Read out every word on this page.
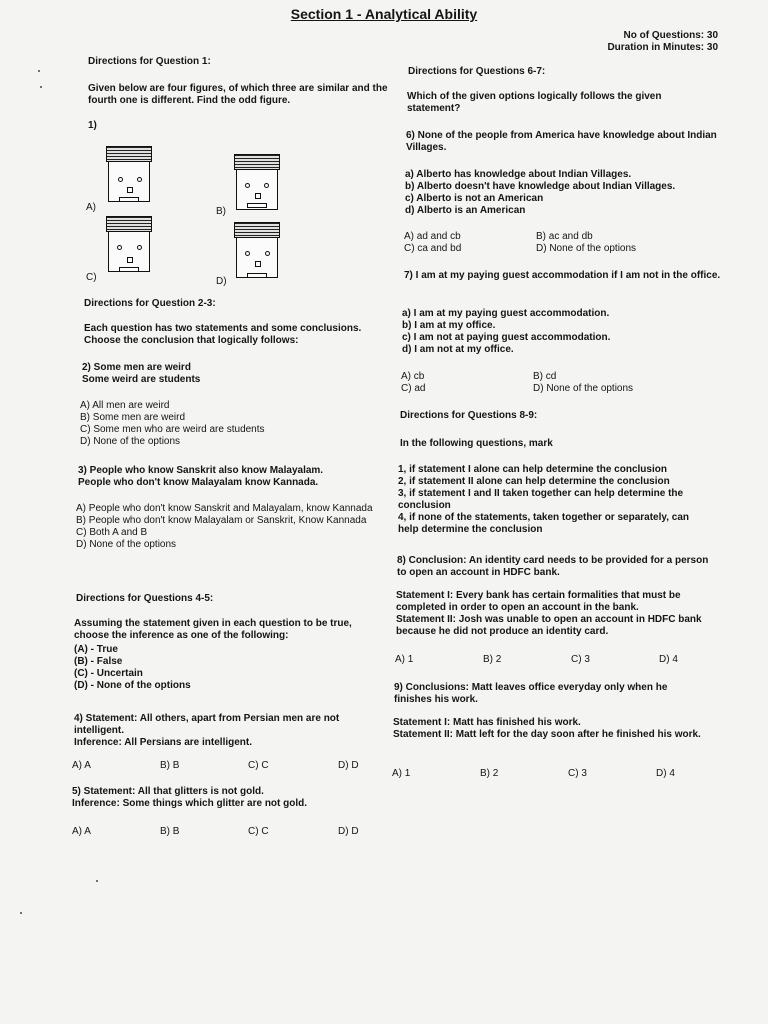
Section 1 - Analytical Ability
No of Questions: 30
Duration in Minutes: 30

Directions for Question 1:

Given below are four figures, of which three are similar and the fourth one is different. Find the odd figure.
1)
A)	B)
C)	D)
Directions for Question 2-3:
Each question has two statements and some conclusions. Choose the conclusion that logically follows:

2) Some men are weird

Some weird are students

A) All men are weird

B) Some men are weird

C) Some men who are weird are students

D) None of the options

3) People who know Sanskrit also know Malayalam.

People who don't know Malayalam know Kannada.

A) People who don't know Sanskrit and Malayalam, know Kannada

B) People who don't know Malayalam or Sanskrit, Know Kannada

C) Both A and B

D) None of the options

Directions for Questions 4-5:
Assuming the statement given in each question to be true, choose the inference as one of the following:

(A) - True

(B) - False

(C) - Uncertain

(D) - None of the options

4) Statement: All others, apart from Persian men are not intelligent.

Inference: All Persians are intelligent.

A) A	B) B	C) C	D) D

5) Statement: All that glitters is not gold.

Inference: Some things which glitter are not gold.

A) A	B) B	C) C	D) D
Directions for Questions 6-7:
Which of the given options logically follows the given statement?
6) None of the people from America have knowledge about Indian Villages.

a) Alberto has knowledge about Indian Villages.

b) Alberto doesn't have knowledge about Indian Villages.

c) Alberto is not an American

d) Alberto is an American

A) ad and cb	B) ac and db
C) ca and bd	D) None of the options
7) I am at my paying guest accommodation if I am not in the office.

a) I am at my paying guest accommodation.

b) I am at my office.

c) I am not at paying guest accommodation.

d) I am not at my office.

A) cb	B) cd
C) ad	D) None of the options
Directions for Questions 8-9:
In the following questions, mark

1, if statement I alone can help determine the conclusion

2, if statement II alone can help determine the conclusion

3, if statement I and II taken together can help determine the conclusion

4, if none of the statements, taken together or separately, can help determine the conclusion

8) Conclusion: An identity card needs to be provided for a person to open an account in HDFC bank.

Statement I: Every bank has certain formalities that must be completed in order to open an account in the bank.

Statement II: Josh was unable to open an account in HDFC bank because he did not produce an identity card.

A) 1	B) 2	C) 3	D) 4
9) Conclusions: Matt leaves office everyday only when he finishes his work.

Statement I: Matt has finished his work.

Statement II: Matt left for the day soon after he finished his work.

A) 1	B) 2	C) 3	D) 4
